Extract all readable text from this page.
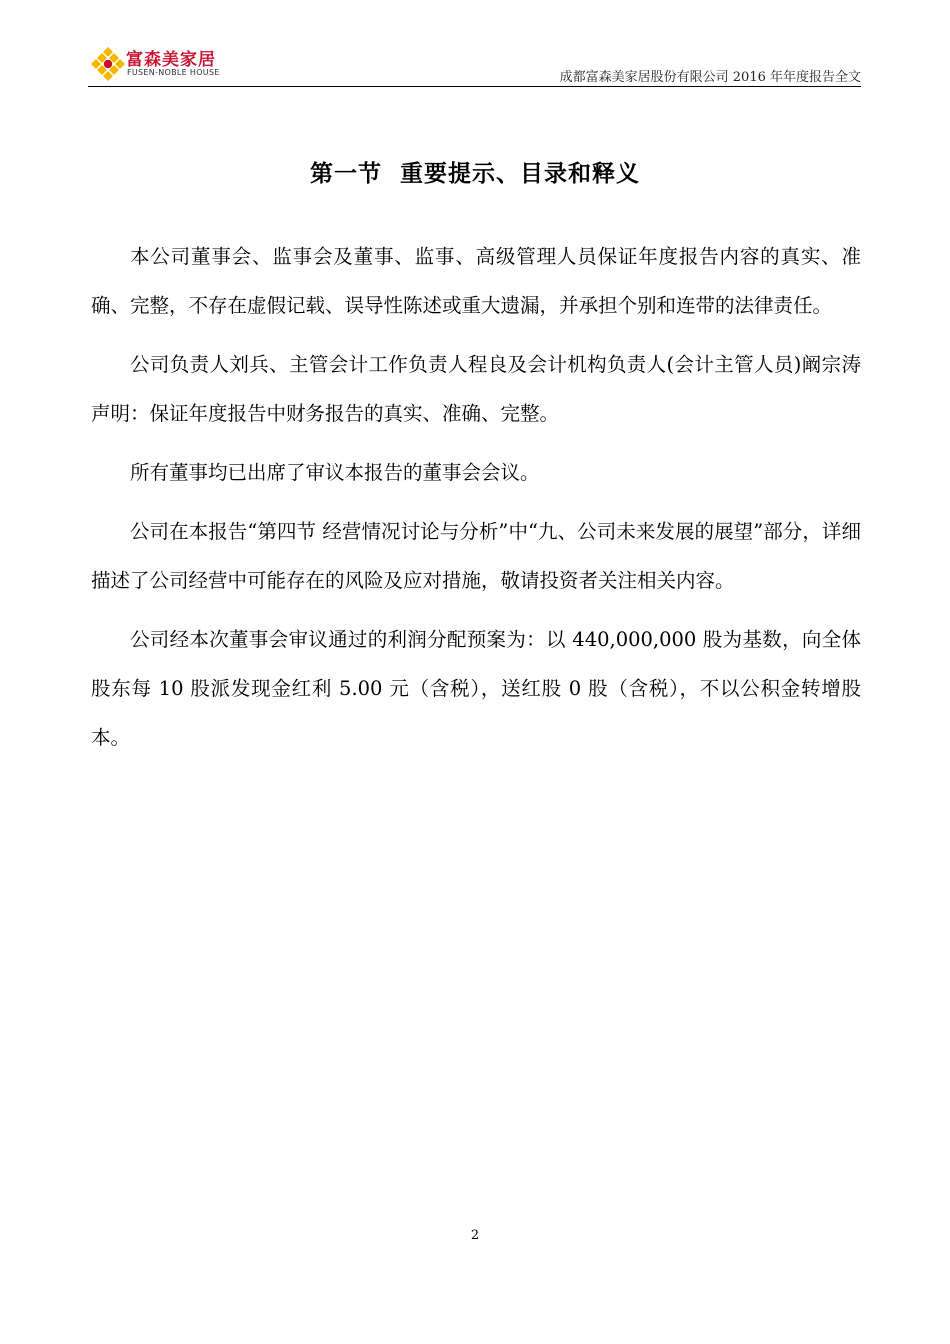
富森美家居
FUSEN-NOBLE HOUSE	成都富森美家居股份有限公司 2016 年年度报告全文
第一节  重要提示、目录和释义

本公司董事会、监事会及董事、监事、高级管理人员保证年度报告内容的真实、准确、完整，不存在虚假记载、误导性陈述或重大遗漏，并承担个别和连带的法律责任。

公司负责人刘兵、主管会计工作负责人程良及会计机构负责人(会计主管人员)阚宗涛声明：保证年度报告中财务报告的真实、准确、完整。

所有董事均已出席了审议本报告的董事会会议。

公司在本报告“第四节 经营情况讨论与分析”中“九、公司未来发展的展望”部分，详细描述了公司经营中可能存在的风险及应对措施，敬请投资者关注相关内容。

公司经本次董事会审议通过的利润分配预案为：以 440,000,000 股为基数，向全体股东每 10 股派发现金红利 5.00 元（含税），送红股 0 股（含税），不以公积金转增股本。

2
